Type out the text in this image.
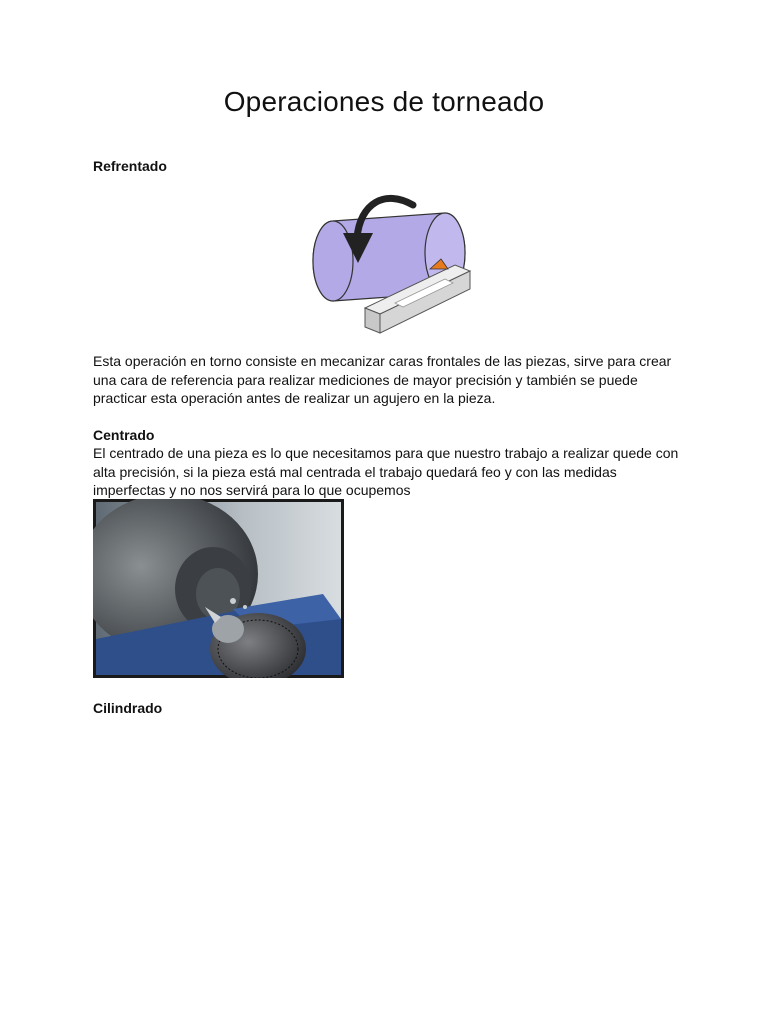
Operaciones de torneado
Refrentado

Esta operación en torno consiste en mecanizar caras frontales de las piezas, sirve para crear una cara de referencia para realizar mediciones de mayor precisión y también se puede practicar esta operación antes de realizar un agujero en la pieza.

Centrado

El centrado de una pieza es lo que necesitamos para que nuestro trabajo a realizar quede con alta precisión, si la pieza está mal centrada el trabajo quedará feo y con las medidas imperfectas y no nos servirá para lo que ocupemos

Cilindrado
